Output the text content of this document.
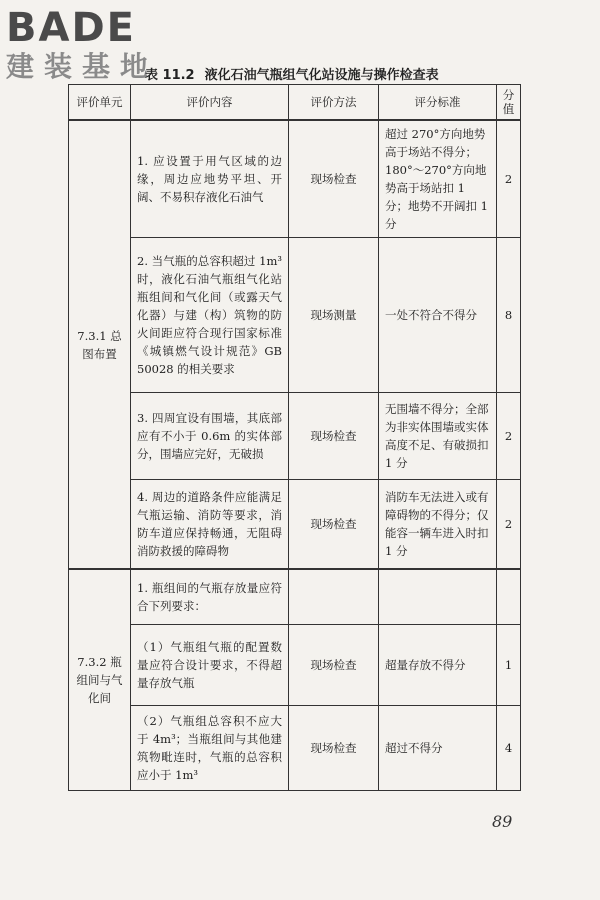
BADE
建装基地
表 11.2 液化石油气瓶组气化站设施与操作检查表
评价单元	评价内容	评价方法	评分标准	分值
7.3.1 总图布置	1. 应设置于用气区域的边缘，周边应地势平坦、开阔、不易积存液化石油气	现场检查	超过 270°方向地势高于场站不得分；180°～270°方向地势高于场站扣 1 分；地势不开阔扣 1 分	2
	2. 当气瓶的总容积超过 1m³ 时，液化石油气瓶组气化站瓶组间和气化间（或露天气化器）与建（构）筑物的防火间距应符合现行国家标准《城镇燃气设计规范》GB 50028 的相关要求	现场测量	一处不符合不得分	8
	3. 四周宜设有围墙，其底部应有不小于 0.6m 的实体部分，围墙应完好，无破损	现场检查	无围墙不得分；全部为非实体围墙或实体高度不足、有破损扣 1 分	2
	4. 周边的道路条件应能满足气瓶运输、消防等要求，消防车道应保持畅通，无阻碍消防救援的障碍物	现场检查	消防车无法进入或有障碍物的不得分；仅能容一辆车进入时扣 1 分	2
7.3.2 瓶组间与气化间	1. 瓶组间的气瓶存放量应符合下列要求：			
	（1）气瓶组气瓶的配置数量应符合设计要求，不得超量存放气瓶	现场检查	超量存放不得分	1
	（2）气瓶组总容积不应大于 4m³；当瓶组间与其他建筑物毗连时，气瓶的总容积应小于 1m³	现场检查	超过不得分	4
89
